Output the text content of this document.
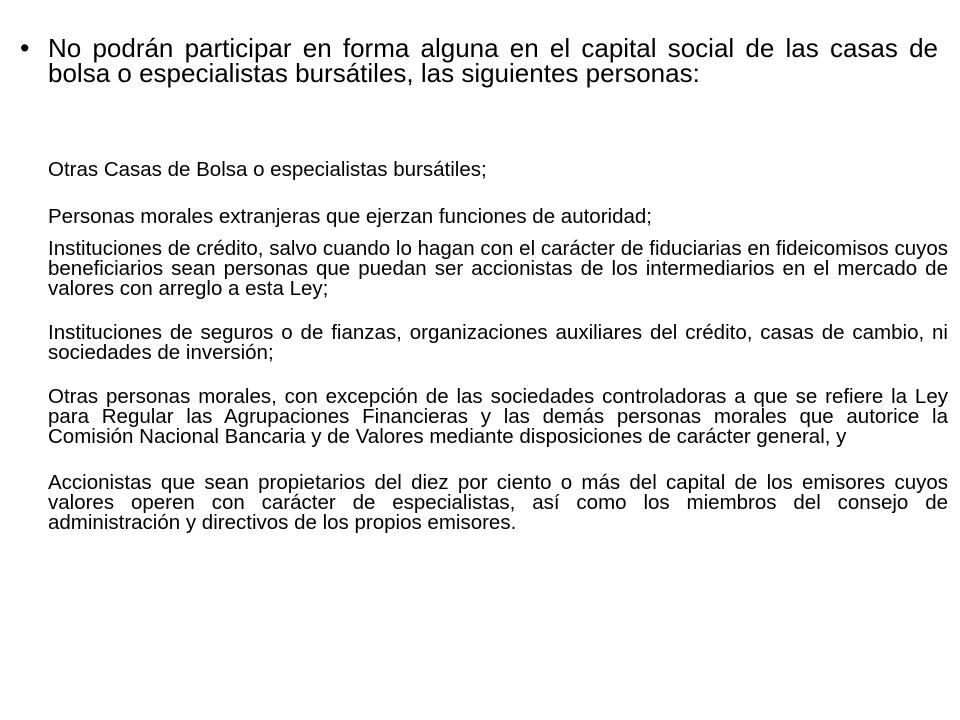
• No podrán participar en forma alguna en el capital social de las casas de bolsa o especialistas bursátiles, las siguientes personas:

Otras Casas de Bolsa o especialistas bursátiles;
Personas morales extranjeras que ejerzan funciones de autoridad;
Instituciones de crédito, salvo cuando lo hagan con el carácter de fiduciarias en fideicomisos cuyos beneficiarios sean personas que puedan ser accionistas de los intermediarios en el mercado de valores con arreglo a esta Ley;
Instituciones de seguros o de fianzas, organizaciones auxiliares del crédito, casas de cambio, ni sociedades de inversión;
Otras personas morales, con excepción de las sociedades controladoras a que se refiere la Ley para Regular las Agrupaciones Financieras y las demás personas morales que autorice la Comisión Nacional Bancaria y de Valores mediante disposiciones de carácter general, y
Accionistas que sean propietarios del diez por ciento o más del capital de los emisores cuyos valores operen con carácter de especialistas, así como los miembros del consejo de administración y directivos de los propios emisores.
